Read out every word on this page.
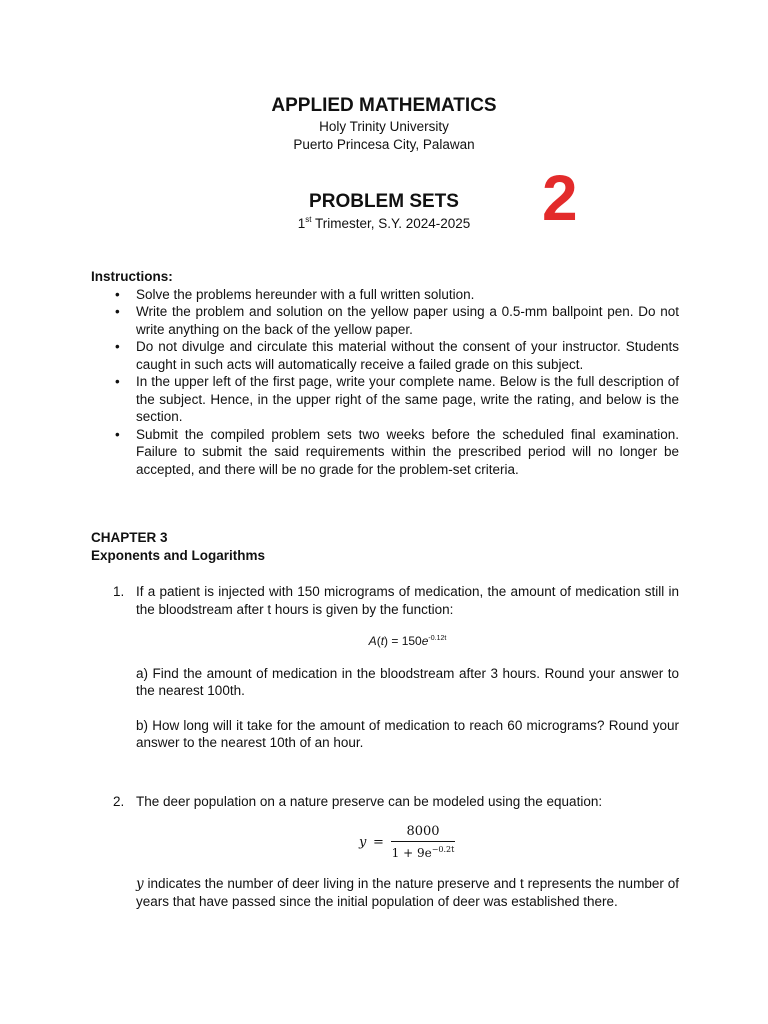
APPLIED MATHEMATICS
Holy Trinity University
Puerto Princesa City, Palawan
PROBLEM SETS
1st Trimester, S.Y. 2024-2025	2
Instructions:
• Solve the problems hereunder with a full written solution.
• Write the problem and solution on the yellow paper using a 0.5-mm ballpoint pen. Do not write anything on the back of the yellow paper.
• Do not divulge and circulate this material without the consent of your instructor. Students caught in such acts will automatically receive a failed grade on this subject.
• In the upper left of the first page, write your complete name. Below is the full description of the subject. Hence, in the upper right of the same page, write the rating, and below is the section.
• Submit the compiled problem sets two weeks before the scheduled final examination. Failure to submit the said requirements within the prescribed period will no longer be accepted, and there will be no grade for the problem-set criteria.
CHAPTER 3
Exponents and Logarithms
1. If a patient is injected with 150 micrograms of medication, the amount of medication still in the bloodstream after t hours is given by the function:
$A(t) = 150e^{-0.12t}$
a) Find the amount of medication in the bloodstream after 3 hours. Round your answer to the nearest 100th.
b) How long will it take for the amount of medication to reach 60 micrograms? Round your answer to the nearest 10th of an hour.
2. The deer population on a nature preserve can be modeled using the equation:
y =
8000
$1 + 9e^{-0.2t}$
y indicates the number of deer living in the nature preserve and t represents the number of years that have passed since the initial population of deer was established there.
